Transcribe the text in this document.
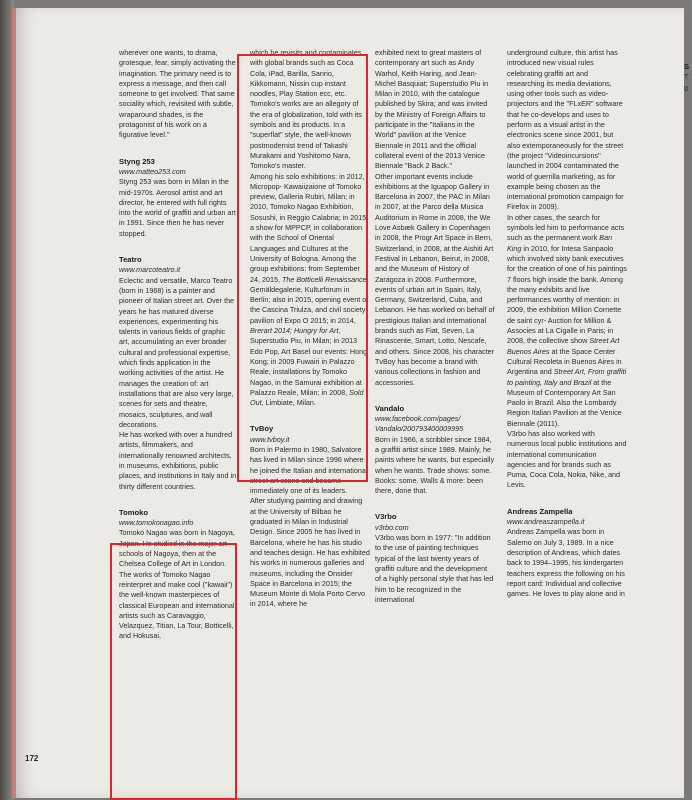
wherever one wants, to drama, grotesque, fear, simply activating the imagination. The primary need is to express a message, and then call someone to get involved. That same sociality which, revisited with subtle, wraparound shades, is the protagonist of his work on a figurative level."

Styng 253

www.matteo253.com

Styng 253 was born in Milan in the mid-1970s. Aerosol artist and art director, he entered with full rights into the world of graffiti and urban art in 1991. Since then he has never stopped.

Teatro

www.marcoteatro.it

Eclectic and versatile, Marco Teatro (born in 1968) is a painter and pioneer of Italian street art. Over the years he has matured diverse experiences, experimenting his talents in various fields of graphic art, accumulating an ever broader cultural and professional expertise, which finds application in the working activities of the artist. He manages the creation of: art installations that are also very large, scenes for sets and theatre, mosaics, sculptures, and wall decorations.

He has worked with over a hundred artists, filmmakers, and internationally renowned architects, in museums, exhibitions, public places, and institutions in Italy and in thirty different countries.

Tomoko

www.tomokonagao.info

Tomoko Nagao was born in Nagoya, Japan. He studied in the major art schools of Nagoya, then at the Chelsea College of Art in London.

The works of Tomoko Nagao reinterpret and make cool ("kawaii") the well-known masterpieces of classical European and international artists such as Caravaggio, Velazquez, Titian, La Tour, Botticelli, and Hokusai,

which he revisits and contaminates with global brands such as Coca Cola, iPad, Barilla, Sanrio, Kikkomann, Nissin cup instant noodles, Play Station ecc, etc. Tomoko's works are an allegory of the era of globalization, told with its symbols and its products. In a "superflat" style, the well-known postmodernist trend of Takashi Murakami and Yoshitomo Nara, Tomoko's master.

Among his solo exhibitions: in 2012, Micropop- Kawaiizaione of Tomoko preview, Galleria Rubiri, Milan; in 2010, Tomoko Nagao Exhibition, Sosushi, in Reggio Calabria; in 2015, a show for MPPCP, in collaboration with the School of Oriental Languages and Cultures at the University of Bologna. Among the group exhibitions: from September 24, 2015, The Botticelli Renaissance, Gemäldegalerie, Kulturforum in Berlin; also in 2015, opening event of the Cascina Triulza, and civil society pavilion of Expo O 2015; in 2014, Brerart 2014; Hungry for Art, Superstudio Piu, in Milan; in 2013 Edo Pop, Art Basel our events: Hong Kong; in 2009 Fuwairi in Palazzo Reale, installations by Tomoko Nagao, in the Samurai exhibition at Palazzo Reale, Milan; in 2008, Sold Out, Limbiate, Milan.

TvBoy

www.tvboy.it

Born in Palermo in 1980, Salvatore has lived in Milan since 1996 where he joined the Italian and international street art scene and became immediately one of its leaders.

After studying painting and drawing at the University of Bilbao he graduated in Milan in Industrial Design. Since 2005 he has lived in Barcelona, where he has his studio and teaches design. He has exhibited his works in numerous galleries and museums, including the Onsider Space in Barcelona in 2015; the Museum Monte di Mola Porto Cervo in 2014, where he

exhibited next to great masters of contemporary art such as Andy Warhol, Keith Haring, and Jean-Michel Basquiat; Superstudio Piu in Milan in 2010, with the catalogue published by Skira; and was invited by the Ministry of Foreign Affairs to participate in the "Italians in the World" pavilion at the Venice Biennale in 2011 and the official collateral event of the 2013 Venice Biennale "Back 2 Back."

Other important events include exhibitions at the Iguapop Gallery in Barcelona in 2007, the PAC in Milan in 2007, at the Parco della Musica Auditorium in Rome in 2008, the We Love Asbæk Gallery in Copenhagen in 2008, the Progr Art Space in Bern, Switzerland, in 2008, at the Aishiti Art Festival in Lebanon, Beirut, in 2008, and the Museum of History of Zaragoza in 2008. Furthermore, events of urban art in Spain, Italy, Germany, Switzerland, Cuba, and Lebanon. He has worked on behalf of prestigious Italian and international brands such as Fiat, Seven, La Rinascente, Smart, Lotto, Nescafe, and others. Since 2008, his character TvBoy has become a brand with various collections in fashion and accessories.

Vandalo

www.facebook.com/pages/ Vandalo/200793400009995

Born in 1966, a scribbler since 1984, a graffiti artist since 1989. Mainly, he paints where he wants, but especially when he wants. Trade shows: some. Books: some. Walls & more: been there, done that.

V3rbo

v3rbo.com

V3rbo was born in 1977: "In addition to the use of painting techniques typical of the last twenty years of graffiti culture and the development of a highly personal style that has led him to be recognized in the international

underground culture, this artist has introduced new visual rules celebrating graffiti art and researching its media deviations, using other tools such as video-projectors and the "FLxER" software that he co-develops and uses to perform as a visual artist in the electronics scene since 2001, but also extemporaneously for the street (the project "Videoincursions" launched in 2004 contaminated the world of guerrilla marketing, as for example being chosen as the international promotion campaign for Firefox in 2009).

In other cases, the search for symbols led him to performance acts such as the permanent work Ban King in 2010, for Intesa Sanpaolo which involved sixty bank executives for the creation of one of his paintings 7 floors high inside the bank. Among the many exhibits and live performances worthy of mention: in 2009, the exhibition Million Cornette de saint cyr- Auction for Million & Associes at La Cigalle in Paris; in 2008, the collective show Street Art Buenos Aires at the Space Center Cultural Recoleta in Buenos Aires in Argentina and Street Art, From graffiti to painting, Italy and Brazil at the Museum of Contemporary Art San Paolo in Brazil. Also the Lombardy Region Italian Pavilion at the Venice Biennale (2011).

V3rbo has also worked with numerous local public institutions and international communication agencies and for brands such as Puma, Coca Cola, Nokia, Nike, and Levis.

Andreas Zampella

www.andreaszampella.it

Andreas Zampella was born in Salerno on July 3, 1989. In a nice description of Andreas, which dates back to 1994–1995, his kindergarten teachers express the following on his report card: Individual and collective games. He loves to play alone and in

S

T

g

172
